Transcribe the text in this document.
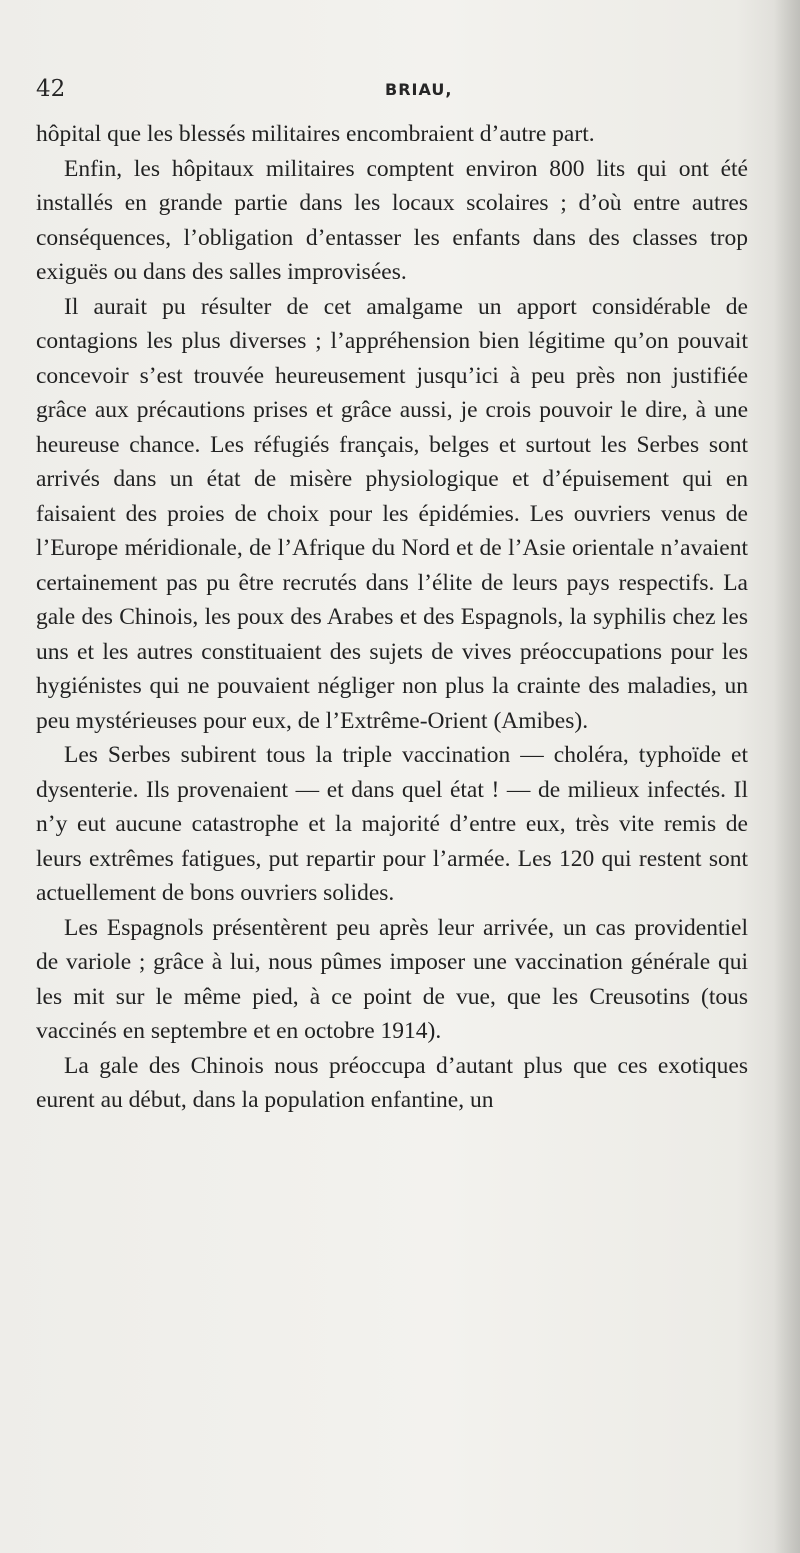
42	BRIAU,

hôpital que les blessés militaires encombraient d’autre part.

Enfin, les hôpitaux militaires comptent environ 800 lits qui ont été installés en grande partie dans les locaux scolaires ; d’où entre autres conséquences, l’obligation d’entasser les enfants dans des classes trop exiguës ou dans des salles improvisées.

Il aurait pu résulter de cet amalgame un apport considérable de contagions les plus diverses ; l’appréhension bien légitime qu’on pouvait concevoir s’est trouvée heureusement jusqu’ici à peu près non justifiée grâce aux précautions prises et grâce aussi, je crois pouvoir le dire, à une heureuse chance. Les réfugiés français, belges et surtout les Serbes sont arrivés dans un état de misère physiologique et d’épuisement qui en faisaient des proies de choix pour les épidémies. Les ouvriers venus de l’Europe méridionale, de l’Afrique du Nord et de l’Asie orientale n’avaient certainement pas pu être recrutés dans l’élite de leurs pays respectifs. La gale des Chinois, les poux des Arabes et des Espagnols, la syphilis chez les uns et les autres constituaient des sujets de vives préoccupations pour les hygiénistes qui ne pouvaient négliger non plus la crainte des maladies, un peu mystérieuses pour eux, de l’Extrême-Orient (Amibes).

Les Serbes subirent tous la triple vaccination — choléra, typhoïde et dysenterie. Ils provenaient — et dans quel état ! — de milieux infectés. Il n’y eut aucune catastrophe et la majorité d’entre eux, très vite remis de leurs extrêmes fatigues, put repartir pour l’armée. Les 120 qui restent sont actuellement de bons ouvriers solides.

Les Espagnols présentèrent peu après leur arrivée, un cas providentiel de variole ; grâce à lui, nous pûmes imposer une vaccination générale qui les mit sur le même pied, à ce point de vue, que les Creusotins (tous vaccinés en septembre et en octobre 1914).

La gale des Chinois nous préoccupa d’autant plus que ces exotiques eurent au début, dans la population enfantine, un
